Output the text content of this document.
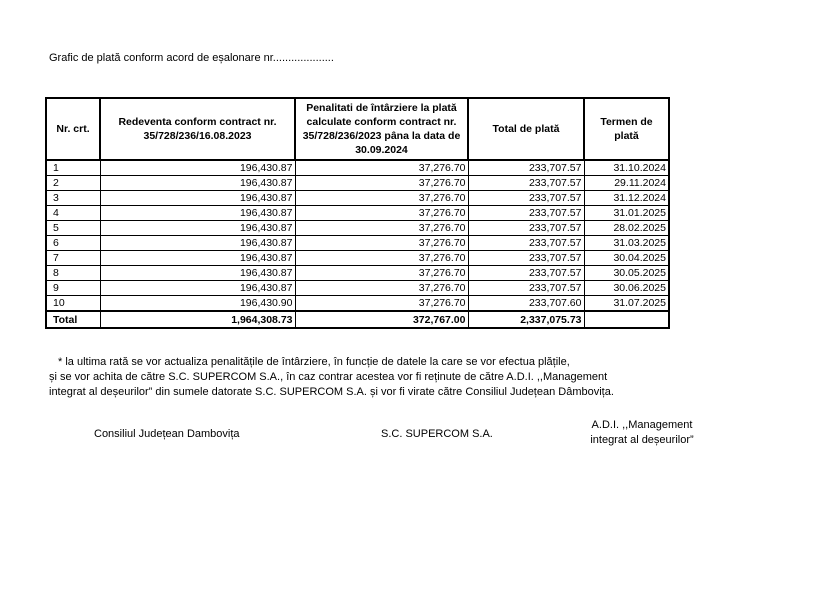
Grafic de plată conform acord de eșalonare nr....................
Nr. crt.	Redeventa conform contract nr. 35/728/236/16.08.2023	Penalitati de întârziere la plată calculate conform contract nr. 35/728/236/2023 pâna la data de 30.09.2024	Total de plată	Termen de plată
1	196,430.87	37,276.70	233,707.57	31.10.2024
2	196,430.87	37,276.70	233,707.57	29.11.2024
3	196,430.87	37,276.70	233,707.57	31.12.2024
4	196,430.87	37,276.70	233,707.57	31.01.2025
5	196,430.87	37,276.70	233,707.57	28.02.2025
6	196,430.87	37,276.70	233,707.57	31.03.2025
7	196,430.87	37,276.70	233,707.57	30.04.2025
8	196,430.87	37,276.70	233,707.57	30.05.2025
9	196,430.87	37,276.70	233,707.57	30.06.2025
10	196,430.90	37,276.70	233,707.60	31.07.2025
Total	1,964,308.73	372,767.00	2,337,075.73	
* la ultima rată se vor actualiza penalitățile de întârziere, în funcție de datele la care se vor efectua plățile,
și se vor achita de către S.C. SUPERCOM S.A., în caz contrar acestea vor fi reținute de către A.D.I. ,,Management
integrat al deșeurilor” din sumele datorate S.C. SUPERCOM S.A. și vor fi virate către Consiliul Județean Dâmbovița.
Consiliul Județean Dambovița	S.C. SUPERCOM S.A.
A.D.I. ,,Management
integrat al deșeurilor”
